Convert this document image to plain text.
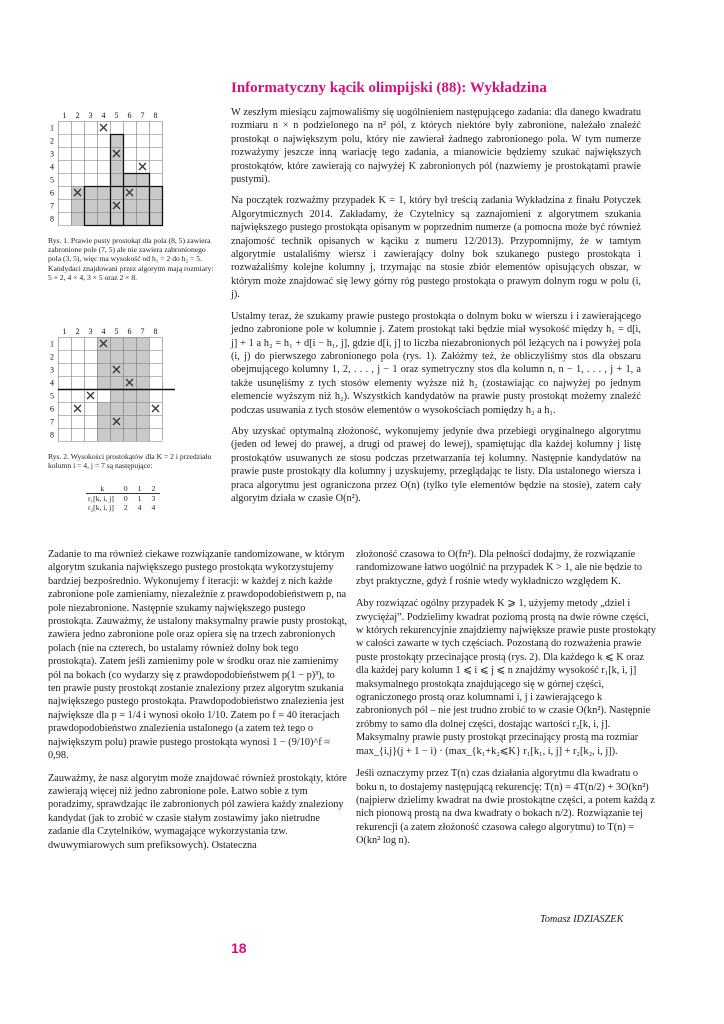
Informatyczny kącik olimpijski (88): Wykładzina

W zeszłym miesiącu zajmowaliśmy się uogólnieniem następującego zadania: dla danego kwadratu rozmiaru n × n podzielonego na n² pól, z których niektóre były zabronione, należało znaleźć prostokąt o największym polu, który nie zawierał żadnego zabronionego pola. W tym numerze rozważymy jeszcze inną wariację tego zadania, a mianowicie będziemy szukać największych prostokątów, które zawierają co najwyżej K zabronionych pól (nazwiemy je prostokątami prawie pustymi).

Na początek rozważmy przypadek K = 1, który był treścią zadania Wykładzina z finału Potyczek Algorytmicznych 2014. Zakładamy, że Czytelnicy są zaznajomieni z algorytmem szukania największego pustego prostokąta opisanym w poprzednim numerze (a pomocna może być również znajomość technik opisanych w kąciku z numeru 12/2013). Przypomnijmy, że w tamtym algorytmie ustalaliśmy wiersz i zawierający dolny bok szukanego pustego prostokąta i rozważaliśmy kolejne kolumny j, trzymając na stosie zbiór elementów opisujących obszar, w którym może znajdować się lewy górny róg pustego prostokąta o prawym dolnym rogu w polu (i, j).

Ustalmy teraz, że szukamy prawie pustego prostokąta o dolnym boku w wierszu i i zawierającego jedno zabronione pole w kolumnie j. Zatem prostokąt taki będzie miał wysokość między h₁ = d[i, j] + 1 a h₂ = h₁ + d[i − h₁, j], gdzie d[i, j] to liczba niezabronionych pól leżących na i powyżej pola (i, j) do pierwszego zabronionego pola (rys. 1). Załóżmy też, że obliczyliśmy stos dla obszaru obejmującego kolumny 1, 2, . . . , j − 1 oraz symetryczny stos dla kolumn n, n − 1, . . . , j + 1, a także usunęliśmy z tych stosów elementy wyższe niż h₂ (zostawiając co najwyżej po jednym elemencie wyższym niż h₂). Wszystkich kandydatów na prawie pusty prostokąt możemy znaleźć podczas usuwania z tych stosów elementów o wysokościach pomiędzy h₂ a h₁.

Aby uzyskać optymalną złożoność, wykonujemy jedynie dwa przebiegi oryginalnego algorytmu (jeden od lewej do prawej, a drugi od prawej do lewej), spamiętując dla każdej kolumny j listę prostokątów usuwanych ze stosu podczas przetwarzania tej kolumny. Następnie kandydatów na prawie puste prostokąty dla kolumny j uzyskujemy, przeglądając te listy. Dla ustalonego wiersza i praca algorytmu jest ograniczona przez O(n) (tylko tyle elementów będzie na stosie), zatem cały algorytm działa w czasie O(n²).

1 2 3 4 5 6 7 8
1
2
3
4
5
6
7
8
Rys. 1. Prawie pusty prostokąt dla pola (8, 5) zawiera zabronione pole (7, 5) ale nie zawiera zabronionego pola (3, 5), więc ma wysokość od h₁ = 2 do h₂ = 5. Kandydaci znajdowani przez algorytm mają rozmiary: 5 × 2, 4 × 4, 3 × 5 oraz 2 × 8.
1 2 3 4 5 6 7 8
1
2
3
4
5
6
7
8
Rys. 2. Wysokości prostokątów dla K = 2 i przedziału kolumn i = 4, j = 7 są następujące:
k	0	1	2
r₁[k, i, j]	0	1	3
r₂[k, i, j]	2	4	4

Zadanie to ma również ciekawe rozwiązanie randomizowane, w którym algorytm szukania największego pustego prostokąta wykorzystujemy bardziej bezpośrednio. Wykonujemy f iteracji: w każdej z nich każde zabronione pole zamieniamy, niezależnie z prawdopodobieństwem p, na pole niezabronione. Następnie szukamy największego pustego prostokąta. Zauważmy, że ustalony maksymalny prawie pusty prostokąt, zawiera jedno zabronione pole oraz opiera się na trzech zabronionych polach (nie na czterech, bo ustalamy również dolny bok tego prostokąta). Zatem jeśli zamienimy pole w środku oraz nie zamienimy pól na bokach (co wydarzy się z prawdopodobieństwem p(1 − p)³), to ten prawie pusty prostokąt zostanie znaleziony przez algorytm szukania największego pustego prostokąta. Prawdopodobieństwo znalezienia jest największe dla p = 1/4 i wynosi około 1/10. Zatem po f = 40 iteracjach prawdopodobieństwo znalezienia ustalonego (a zatem też tego o największym polu) prawie pustego prostokąta wynosi 1 − (9/10)^f ≈ 0,98.

Zauważmy, że nasz algorytm może znajdować również prostokąty, które zawierają więcej niż jedno zabronione pole. Łatwo sobie z tym poradzimy, sprawdzając ile zabronionych pól zawiera każdy znaleziony kandydat (jak to zrobić w czasie stałym zostawimy jako nietrudne zadanie dla Czytelników, wymagające wykorzystania tzw. dwuwymiarowych sum prefiksowych). Ostateczna

złożoność czasowa to O(fn²). Dla pełności dodajmy, że rozwiązanie randomizowane łatwo uogólnić na przypadek K > 1, ale nie będzie to zbyt praktyczne, gdyż f rośnie wtedy wykładniczo względem K.

Aby rozwiązać ogólny przypadek K ⩾ 1, użyjemy metody „dziel i zwyciężaj”. Podzielimy kwadrat poziomą prostą na dwie równe części, w których rekurencyjnie znajdziemy największe prawie puste prostokąty w całości zawarte w tych częściach. Pozostaną do rozważenia prawie puste prostokąty przecinające prostą (rys. 2). Dla każdego k ⩽ K oraz dla każdej pary kolumn 1 ⩽ i ⩽ j ⩽ n znajdźmy wysokość r₁[k, i, j] maksymalnego prostokąta znajdującego się w górnej części, ograniczonego prostą oraz kolumnami i, j i zawierającego k zabronionych pól – nie jest trudno zrobić to w czasie O(kn²). Następnie zróbmy to samo dla dolnej części, dostając wartości r₂[k, i, j]. Maksymalny prawie pusty prostokąt przecinający prostą ma rozmiar max_{i,j}(j + 1 − i) · (max_{k₁+k₂⩽K} r₁[k₁, i, j] + r₂[k₂, i, j]).

Jeśli oznaczymy przez T(n) czas działania algorytmu dla kwadratu o boku n, to dostajemy następującą rekurencję: T(n) = 4T(n/2) + 3O(kn²) (najpierw dzielimy kwadrat na dwie prostokątne części, a potem każdą z nich pionową prostą na dwa kwadraty o bokach n/2). Rozwiązanie tej rekurencji (a zatem złożoność czasowa całego algorytmu) to T(n) = O(kn² log n).

Tomasz IDZIASZEK
18
